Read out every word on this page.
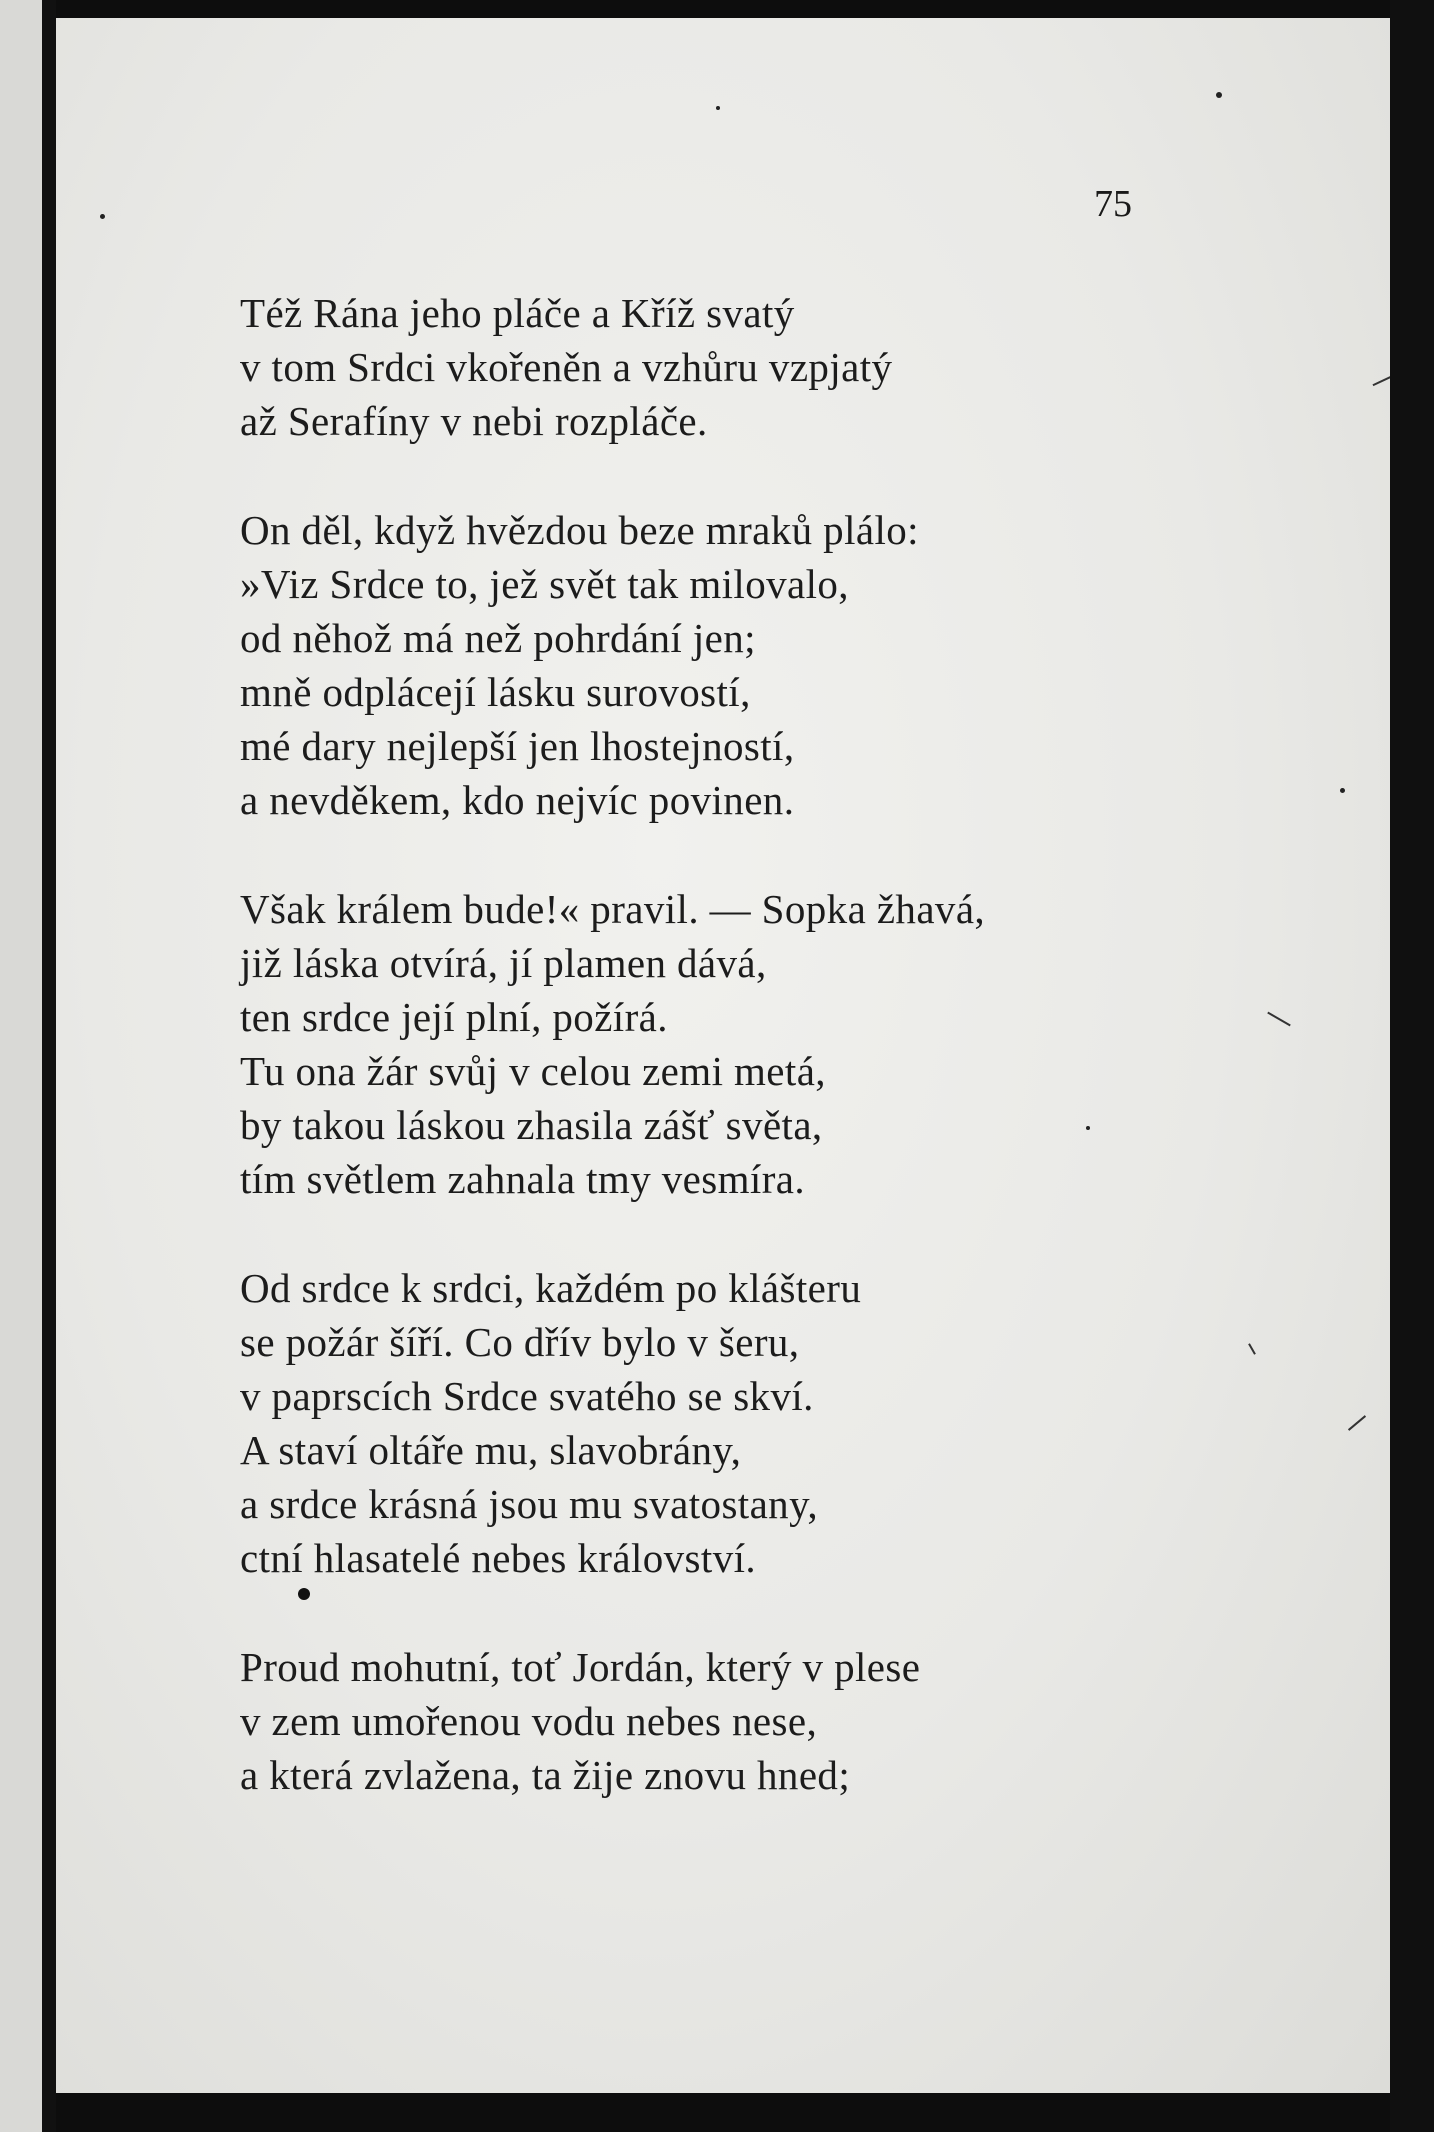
75
Též Rána jeho pláče a Kříž svatý
v tom Srdci vkořeněn a vzhůru vzpjatý
až Serafíny v nebi rozpláče.
On děl, když hvězdou beze mraků plálo:
»Viz Srdce to, jež svět tak milovalo,
od něhož má než pohrdání jen;
mně odplácejí lásku surovostí,
mé dary nejlepší jen lhostejností,
a nevděkem, kdo nejvíc povinen.
Však králem bude!« pravil. — Sopka žhavá,
již láska otvírá, jí plamen dává,
ten srdce její plní, požírá.
Tu ona žár svůj v celou zemi metá,
by takou láskou zhasila zášť světa,
tím světlem zahnala tmy vesmíra.
Od srdce k srdci, každém po klášteru
se požár šíří. Co dřív bylo v šeru,
v paprscích Srdce svatého se skví.
A staví oltáře mu, slavobrány,
a srdce krásná jsou mu svatostany,
ctní hlasatelé nebes království.
Proud mohutní, toť Jordán, který v plese
v zem umořenou vodu nebes nese,
a která zvlažena, ta žije znovu hned;
